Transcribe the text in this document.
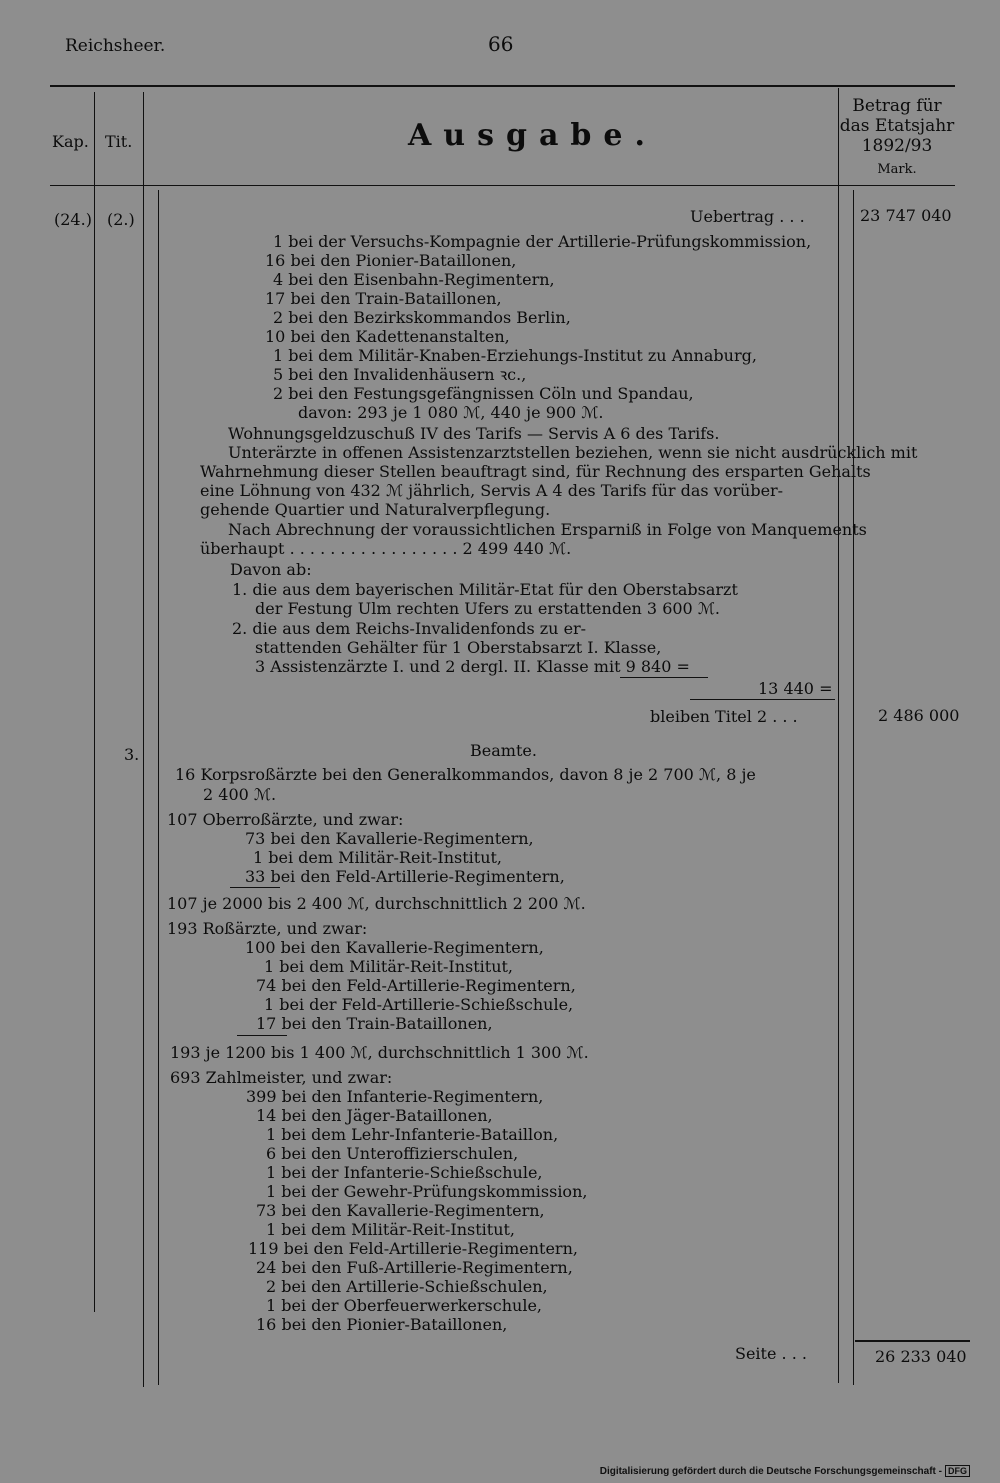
Reichsheer.	66
Kap. Tit.	Ausgabe.
Betrag für
das Etatsjahr
1892/93
Mark.
(24.) (2.)
3.
23 747 040
2 486 000
26 233 040
Uebertrag . . .
1 bei der Versuchs-Kompagnie der Artillerie-Prüfungskommission,
16 bei den Pionier-Bataillonen,
4 bei den Eisenbahn-Regimentern,
17 bei den Train-Bataillonen,
2 bei den Bezirkskommandos Berlin,
10 bei den Kadettenanstalten,
1 bei dem Militär-Knaben-Erziehungs-Institut zu Annaburg,
5 bei den Invalidenhäusern ꝛc.,
2 bei den Festungsgefängnissen Cöln und Spandau,
davon: 293 je 1 080 ℳ, 440 je 900 ℳ.
Wohnungsgeldzuschuß IV des Tarifs — Servis A 6 des Tarifs.
Unterärzte in offenen Assistenzarztstellen beziehen, wenn sie nicht ausdrücklich mit
Wahrnehmung dieser Stellen beauftragt sind, für Rechnung des ersparten Gehalts
eine Löhnung von 432 ℳ jährlich, Servis A 4 des Tarifs für das vorüber-
gehende Quartier und Naturalverpflegung.
Nach Abrechnung der voraussichtlichen Ersparniß in Folge von Manquements
überhaupt . . . . . . . . . . . . . . . . . 2 499 440 ℳ.
Davon ab:
1. die aus dem bayerischen Militär-Etat für den Oberstabsarzt
der Festung Ulm rechten Ufers zu erstattenden 3 600 ℳ.
2. die aus dem Reichs-Invalidenfonds zu er-
stattenden Gehälter für 1 Oberstabsarzt I. Klasse,
3 Assistenzärzte I. und 2 dergl. II. Klasse mit 9 840 =
13 440 =
bleiben Titel 2 . . .
Beamte.
16 Korpsroßärzte bei den Generalkommandos, davon 8 je 2 700 ℳ, 8 je
2 400 ℳ.
107 Oberroßärzte, und zwar:
73 bei den Kavallerie-Regimentern,
1 bei dem Militär-Reit-Institut,
33 bei den Feld-Artillerie-Regimentern,
107 je 2000 bis 2 400 ℳ, durchschnittlich 2 200 ℳ.
193 Roßärzte, und zwar:
100 bei den Kavallerie-Regimentern,
1 bei dem Militär-Reit-Institut,
74 bei den Feld-Artillerie-Regimentern,
1 bei der Feld-Artillerie-Schießschule,
17 bei den Train-Bataillonen,
193 je 1200 bis 1 400 ℳ, durchschnittlich 1 300 ℳ.
693 Zahlmeister, und zwar:
399 bei den Infanterie-Regimentern,
14 bei den Jäger-Bataillonen,
1 bei dem Lehr-Infanterie-Bataillon,
6 bei den Unteroffizierschulen,
1 bei der Infanterie-Schießschule,
1 bei der Gewehr-Prüfungskommission,
73 bei den Kavallerie-Regimentern,
1 bei dem Militär-Reit-Institut,
119 bei den Feld-Artillerie-Regimentern,
24 bei den Fuß-Artillerie-Regimentern,
2 bei den Artillerie-Schießschulen,
1 bei der Oberfeuerwerkerschule,
16 bei den Pionier-Bataillonen,
Seite . . .
Digitalisierung gefördert durch die Deutsche Forschungsgemeinschaft - DFG
